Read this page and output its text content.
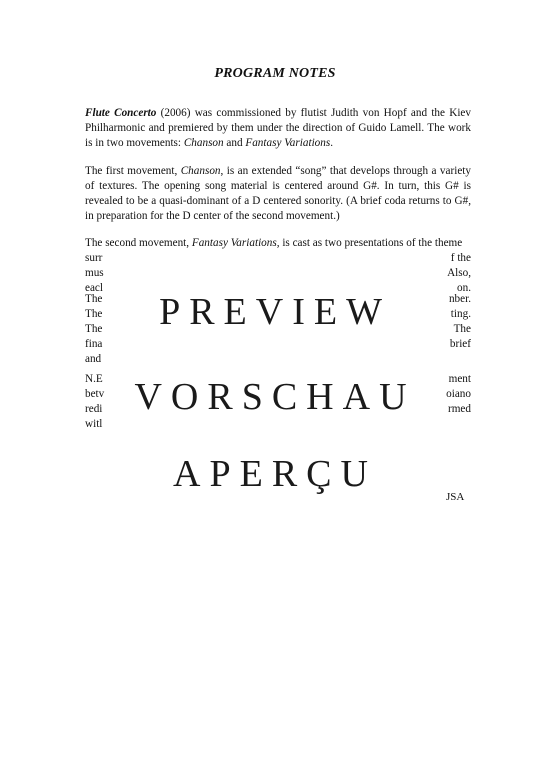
PROGRAM NOTES

Flute Concerto (2006) was commissioned by flutist Judith von Hopf and the Kiev Philharmonic and premiered by them under the direction of Guido Lamell. The work is in two movements: Chanson and Fantasy Variations.

The first movement, Chanson, is an extended “song” that develops through a variety of textures. The opening song material is centered around G#. In turn, this G# is revealed to be a quasi-dominant of a D centered sonority. (A brief coda returns to G#, in preparation for the D center of the second movement.)

The second movement, Fantasy Variations, is cast as two presentations of the theme
surr	f the
mus	Also,
eacl	on.
The	nber.
The	ting.
The	The
fina	brief
and
N.E	ment
betv	oiano
redi	rmed
witl
JSA
PREVIEW
VORSCHAU
APERÇU
